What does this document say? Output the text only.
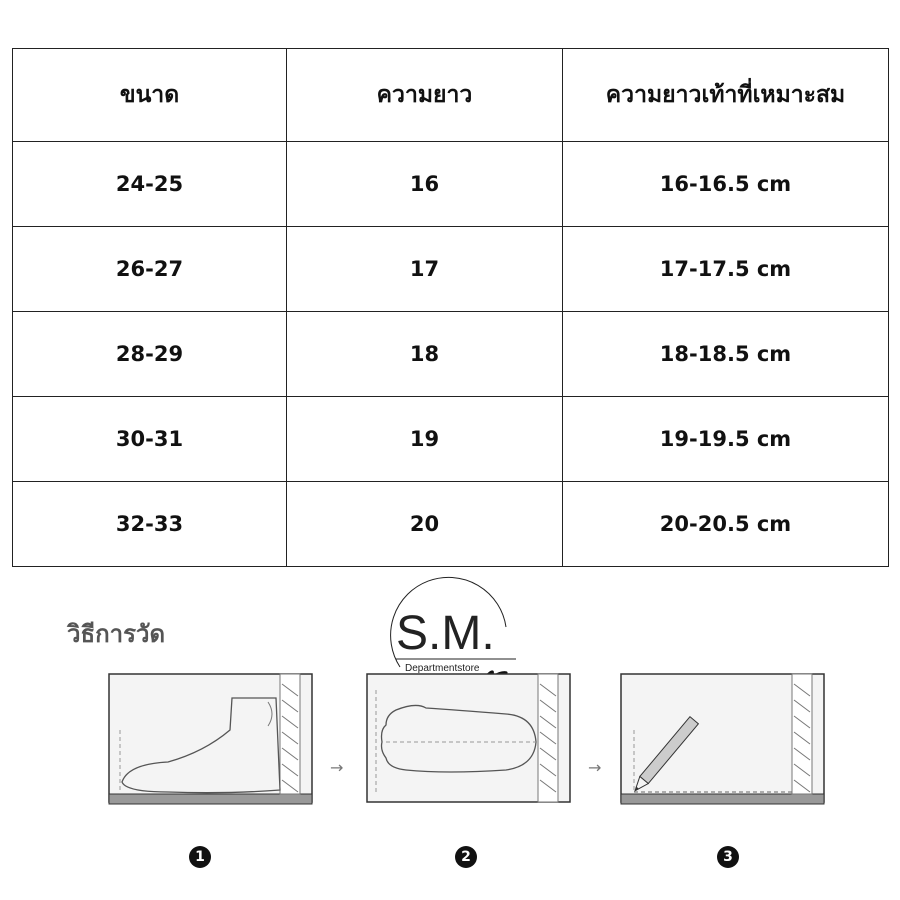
ขนาด	ความยาว	ความยาวเท้าที่เหมาะสม
24-25	16	16-16.5 cm
26-27	17	17-17.5 cm
28-29	18	18-18.5 cm
30-31	19	19-19.5 cm
32-33	20	20-20.5 cm
วิธีการวัด	S.M.
Departmentstore
→	→
1	2	3
